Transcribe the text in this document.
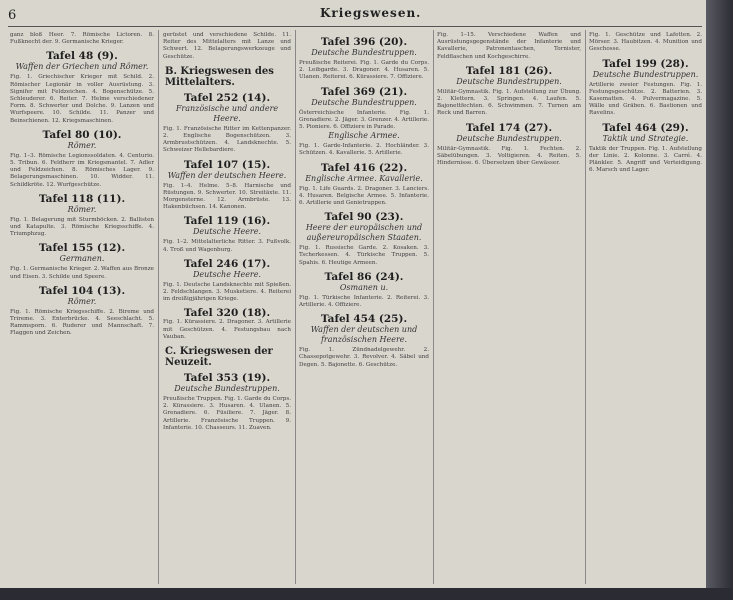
6	Kriegswesen.
ganz bloß Heer. 7. Römische Lictoren. 8. Fußknecht der. 9. Germanische Krieger.
Tafel 48 (9).
Waffen der Griechen und Römer.
Fig. 1. Griechischer Krieger mit Schild. 2. Römischer Legionär in voller Ausrüstung. 3. Signifer mit Feldzeichen. 4. Bogenschütze. 5. Schleuderer. 6. Reiter. 7. Helme verschiedener Form. 8. Schwerter und Dolche. 9. Lanzen und Wurfspeere. 10. Schilde. 11. Panzer und Beinschienen. 12. Kriegsmaschinen.
Tafel 80 (10).
Römer.
Fig. 1–3. Römische Legionssoldaten. 4. Centurio. 5. Tribun. 6. Feldherr im Kriegsmantel. 7. Adler und Feldzeichen. 8. Römisches Lager. 9. Belagerungsmaschinen. 10. Widder. 11. Schildkröte. 12. Wurfgeschütze.
Tafel 118 (11).
Römer.
Fig. 1. Belagerung mit Sturmböcken. 2. Ballisten und Katapulte. 3. Römische Kriegsschiffe. 4. Triumphzug.
Tafel 155 (12).
Germanen.
Fig. 1. Germanische Krieger. 2. Waffen aus Bronze und Eisen. 3. Schilde und Speere.
Tafel 104 (13).
Römer.
Fig. 1. Römische Kriegsschiffe. 2. Bireme und Trireme. 3. Enterbrücke. 4. Seeschlacht. 5. Rammsporn. 6. Ruderer und Mannschaft. 7. Flaggen und Zeichen.
gerüstet und verschiedene Schilde. 11. Reiter des Mittelalters mit Lanze und Schwert. 12. Belagerungswerkzeuge und Geschütze.
B. Kriegswesen des Mittelalters.
Tafel 252 (14).
Französische und andere Heere.
Fig. 1. Französische Ritter im Kettenpanzer. 2. Englische Bogenschützen. 3. Armbrustschützen. 4. Landsknechte. 5. Schweizer Hellebardiere.
Tafel 107 (15).
Waffen der deutschen Heere.
Fig. 1–4. Helme. 5–8. Harnische und Rüstungen. 9. Schwerter. 10. Streitäxte. 11. Morgensterne. 12. Armbrüste. 13. Hakenbüchsen. 14. Kanonen.
Tafel 119 (16).
Deutsche Heere.
Fig. 1–2. Mittelalterliche Ritter. 3. Fußvolk. 4. Troß und Wagenburg.
Tafel 246 (17).
Deutsche Heere.
Fig. 1. Deutsche Landsknechte mit Spießen. 2. Feldschlangen. 3. Musketiere. 4. Reiterei im dreißigjährigen Kriege.
Tafel 320 (18).
Fig. 1. Kürassiere. 2. Dragoner. 3. Artillerie mit Geschützen. 4. Festungsbau nach Vauban.
C. Kriegswesen der Neuzeit.
Tafel 353 (19).
Deutsche Bundestruppen.
Preußische Truppen. Fig. 1. Garde du Corps. 2. Kürassiere. 3. Husaren. 4. Ulanen. 5. Grenadiere. 6. Füsiliere. 7. Jäger. 8. Artillerie. Französische Truppen. 9. Infanterie. 10. Chasseurs. 11. Zuaven.
Tafel 396 (20).
Deutsche Bundestruppen.
Preußische Reiterei. Fig. 1. Garde du Corps. 2. Leibgarde. 3. Dragoner. 4. Husaren. 5. Ulanen. Reiterei. 6. Kürassiere. 7. Offiziere.
Tafel 369 (21).
Deutsche Bundestruppen.
Österreichische Infanterie. Fig. 1. Grenadiere. 2. Jäger. 3. Grenzer. 4. Artillerie. 5. Pioniere. 6. Offiziere in Parade.
Englische Armee.
Fig. 1. Garde-Infanterie. 2. Hochländer. 3. Schützen. 4. Kavallerie. 5. Artillerie.
Tafel 416 (22).
Englische Armee. Kavallerie.
Fig. 1. Life Guards. 2. Dragoner. 3. Lanciers. 4. Husaren. Belgische Armee. 5. Infanterie. 6. Artillerie und Genietruppen.
Tafel 90 (23).
Heere der europäischen und außereuropäischen Staaten.
Fig. 1. Russische Garde. 2. Kosaken. 3. Tscherkessen. 4. Türkische Truppen. 5. Spahis. 6. Heutige Armeen.
Tafel 86 (24).
Osmanen u.
Fig. 1. Türkische Infanterie. 2. Reiterei. 3. Artillerie. 4. Offiziere.
Tafel 454 (25).
Waffen der deutschen und französischen Heere.
Fig. 1. Zündnadelgewehr. 2. Chassepotgewehr. 3. Revolver. 4. Säbel und Degen. 5. Bajonette. 6. Geschütze.
Fig. 1–15. Verschiedene Waffen und Ausrüstungsgegenstände der Infanterie und Kavallerie, Patronentaschen, Tornister, Feldflaschen und Kochgeschirre.
Tafel 181 (26).
Deutsche Bundestruppen.
Militär-Gymnastik. Fig. 1. Aufstellung zur Übung. 2. Klettern. 3. Springen. 4. Laufen. 5. Bajonettfechten. 6. Schwimmen. 7. Turnen am Reck und Barren.
Tafel 174 (27).
Deutsche Bundestruppen.
Militär-Gymnastik. Fig. 1. Fechten. 2. Säbelübungen. 3. Voltigieren. 4. Reiten. 5. Hindernisse. 6. Übersetzen über Gewässer.
Fig. 1. Geschütze und Lafetten. 2. Mörser. 3. Haubitzen. 4. Munition und Geschosse.
Tafel 199 (28).
Deutsche Bundestruppen.
Artillerie zweier Festungen. Fig. 1. Festungsgeschütze. 2. Batterien. 3. Kasematten. 4. Pulvermagazine. 5. Wälle und Gräben. 6. Bastionen und Ravelins.
Tafel 464 (29).
Taktik und Strategie.
Taktik der Truppen. Fig. 1. Aufstellung der Linie. 2. Kolonne. 3. Carré. 4. Plänkler. 5. Angriff und Verteidigung. 6. Marsch und Lager.
